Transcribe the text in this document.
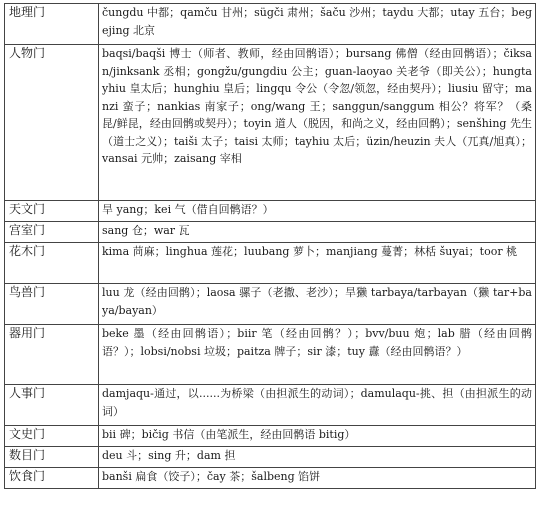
地理门	čungdu 中都；qamču 甘州；sügči 肃州；šaču 沙州；taydu 大都；utay 五台；begejing 北京
人物门	baqsi/baqši 博士（师者、教师，经由回鹘语）；bursang 佛僧（经由回鹘语）；čiksan/jinksank 丞相；gongžu/gungdiu 公主；guan-laoyao 关老爷（即关公）；hungtayhiu 皇太后；hunghiu 皇后；lingqu 令公（令忽/领忽，经由契丹）；liusiu 留守；manzi 蛮子；nankias 南家子；ong/wang 王；sanggun/sanggum 相公？将军？（桑昆/鲜昆，经由回鹘或契丹）；toyin 道人（脱因，和尚之义，经由回鹘）；senšhing 先生（道士之义）；taiši 太子；taisi 太师；tayhiu 太后；üzin/heuzin 夫人（兀真/旭真）；vansai 元帅；zaisang 宰相
天文门	旱 yang；kei 气（借自回鹘语？）
宫室门	sang 仓；war 瓦
花木门	kima 苘麻；linghua 莲花；luubang 萝卜；manjiang 蔓菁；林栝 šuyai；toor 桃
鸟兽门	luu 龙（经由回鹘）；laosa 骡子（老撒、老沙）；旱獭 tarbaya/tarbayan（獭 tar+baya/bayan）
器用门	beke 墨（经由回鹘语）；biir 笔（经由回鹘？）；bvv/buu 炮；lab 腊（经由回鹘语？）；lobsi/nobsi 垃圾；paitza 牌子；sir 漆；tuy 纛（经由回鹘语？）
人事门	damjaqu-通过，以......为桥梁（由担派生的动词）；damulaqu-挑、担（由担派生的动词）
文史门	bii 碑；bičig 书信（由笔派生，经由回鹘语 bitig）
数目门	deu 斗；sing 升；dam 担
饮食门	banši 扁食（饺子）；čay 茶；šalbeng 馅饼
